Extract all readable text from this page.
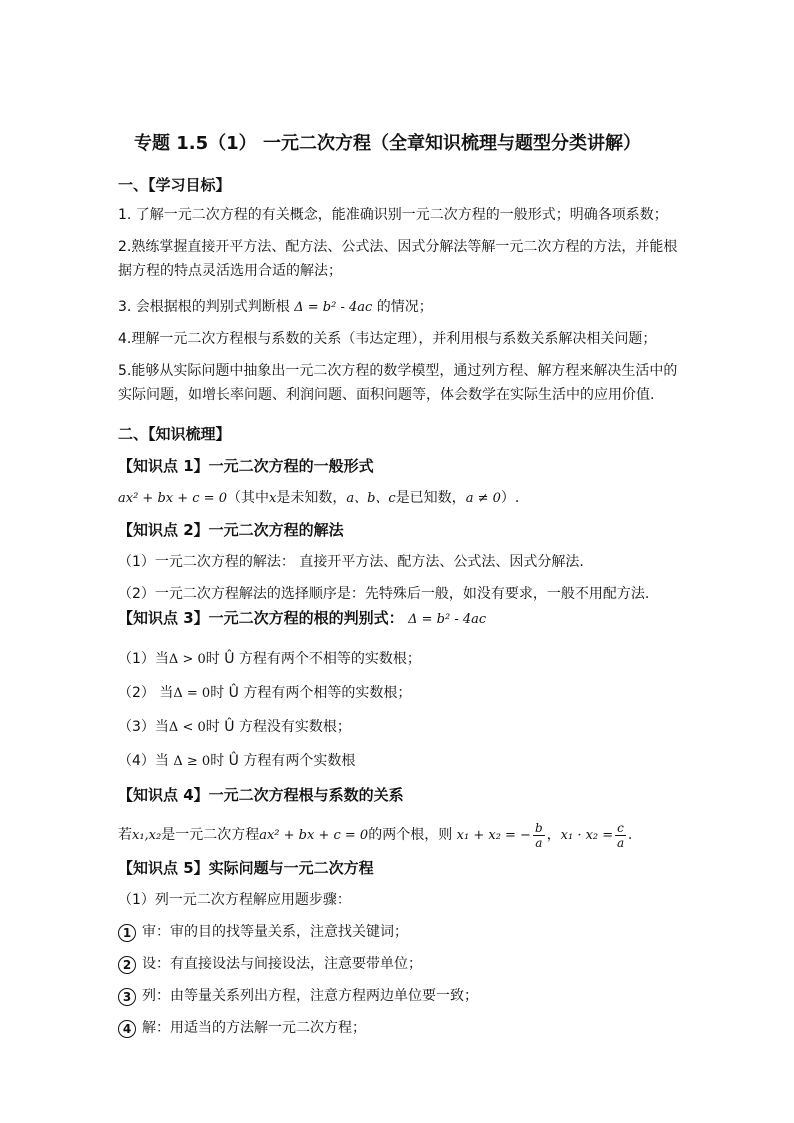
专题 1.5（1） 一元二次方程（全章知识梳理与题型分类讲解）
一、【学习目标】
1. 了解一元二次方程的有关概念，能准确识别一元二次方程的一般形式；明确各项系数；
2.熟练掌握直接开平方法、配方法、公式法、因式分解法等解一元二次方程的方法，并能根
据方程的特点灵活选用合适的解法；
3. 会根据根的判别式判断根 Δ = b² - 4ac 的情况；
4.理解一元二次方程根与系数的关系（韦达定理），并利用根与系数关系解决相关问题；
5.能够从实际问题中抽象出一元二次方程的数学模型，通过列方程、解方程来解决生活中的
实际问题，如增长率问题、利润问题、面积问题等，体会数学在实际生活中的应用价值.
二、【知识梳理】
【知识点 1】一元二次方程的一般形式
ax² + bx + c = 0（其中x是未知数，a、b、c是已知数，a ≠ 0）.
【知识点 2】一元二次方程的解法
（1）一元二次方程的解法： 直接开平方法、配方法、公式法、因式分解法.
（2）一元二次方程解法的选择顺序是：先特殊后一般，如没有要求，一般不用配方法.
【知识点 3】一元二次方程的根的判别式： Δ = b² - 4ac
（1）当Δ > 0时 Û 方程有两个不相等的实数根；
（2） 当Δ = 0时 Û 方程有两个相等的实数根；
（3）当Δ < 0时 Û 方程没有实数根；
（4）当 Δ ≥ 0时 Û 方程有两个实数根
【知识点 4】一元二次方程根与系数的关系
若x₁,x₂是一元二次方程ax² + bx + c = 0的两个根，则 x₁ + x₂ = − $\frac{b}{a}$ ，$x_1 \cdot x_2 = \frac{c}{a}$ .
【知识点 5】实际问题与一元二次方程
（1）列一元二次方程解应用题步骤：
1 审：审的目的找等量关系，注意找关键词；
2 设：有直接设法与间接设法，注意要带单位；
3 列：由等量关系列出方程，注意方程两边单位要一致；
4 解：用适当的方法解一元二次方程；
